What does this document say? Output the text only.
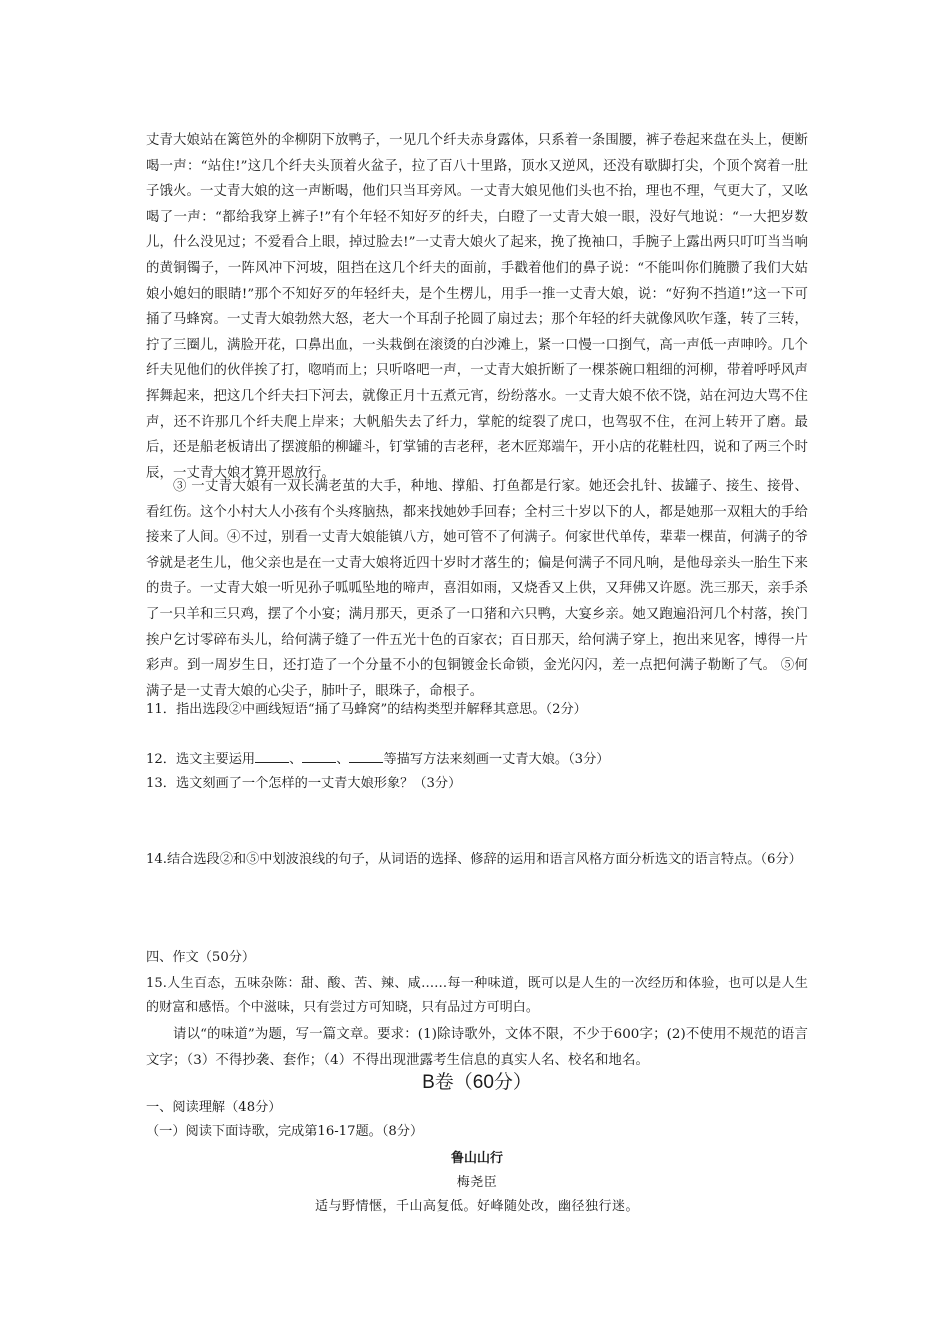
丈青大娘站在篱笆外的伞柳阴下放鸭子，一见几个纤夫赤身露体，只系着一条围腰，裤子卷起来盘在头上，便断喝一声：“站住!”这几个纤夫头顶着火盆子，拉了百八十里路，顶水又逆风，还没有歇脚打尖，个顶个窝着一肚子饿火。一丈青大娘的这一声断喝，他们只当耳旁风。一丈青大娘见他们头也不抬，理也不理，气更大了，又吆喝了一声：“都给我穿上裤子!”有个年轻不知好歹的纤夫，白瞪了一丈青大娘一眼，没好气地说：“一大把岁数儿，什么没见过；不爱看合上眼，掉过脸去!”一丈青大娘火了起来，挽了挽袖口，手腕子上露出两只叮叮当当响的黄铜镯子，一阵风冲下河坡，阻挡在这几个纤夫的面前，手戳着他们的鼻子说：“不能叫你们腌臜了我们大姑娘小媳妇的眼睛!”那个不知好歹的年轻纤夫，是个生楞儿，用手一推一丈青大娘，说：“好狗不挡道!”这一下可捅了马蜂窝。一丈青大娘勃然大怒，老大一个耳刮子抡圆了扇过去；那个年轻的纤夫就像风吹乍蓬，转了三转，拧了三圈儿，满脸开花，口鼻出血，一头栽倒在滚烫的白沙滩上，紧一口慢一口捯气，高一声低一声呻吟。几个纤夫见他们的伙伴挨了打，唿哨而上；只听咯吧一声，一丈青大娘折断了一棵茶碗口粗细的河柳，带着呼呼风声挥舞起来，把这几个纤夫扫下河去，就像正月十五煮元宵，纷纷落水。一丈青大娘不依不饶，站在河边大骂不住声，还不许那几个纤夫爬上岸来；大帆船失去了纤力，掌舵的绽裂了虎口，也驾驭不住，在河上转开了磨。最后，还是船老板请出了摆渡船的柳罐斗，钉掌铺的吉老秤，老木匠郑端午，开小店的花鞋杜四，说和了两三个时辰，一丈青大娘才算开恩放行。

③ 一丈青大娘有一双长满老茧的大手，种地、撑船、打鱼都是行家。她还会扎针、拔罐子、接生、接骨、看红伤。这个小村大人小孩有个头疼脑热，都来找她妙手回春；全村三十岁以下的人，都是她那一双粗大的手给接来了人间。④不过，别看一丈青大娘能镇八方，她可管不了何满子。何家世代单传，辈辈一棵苗，何满子的爷爷就是老生儿，他父亲也是在一丈青大娘将近四十岁时才落生的；偏是何满子不同凡响，是他母亲头一胎生下来的贵子。一丈青大娘一听见孙子呱呱坠地的啼声，喜泪如雨，又烧香又上供，又拜佛又许愿。洗三那天，亲手杀了一只羊和三只鸡，摆了个小宴；满月那天，更杀了一口猪和六只鸭，大宴乡亲。她又跑遍沿河几个村落，挨门挨户乞讨零碎布头儿，给何满子缝了一件五光十色的百家衣；百日那天，给何满子穿上，抱出来见客，博得一片彩声。到一周岁生日，还打造了一个分量不小的包铜镀金长命锁，金光闪闪，差一点把何满子勒断了气。 ⑤何满子是一丈青大娘的心尖子，肺叶子，眼珠子，命根子。

11．指出选段②中画线短语“捅了马蜂窝”的结构类型并解释其意思。（2分）

12．选文主要运用	、	、	等描写方法来刻画一丈青大娘。（3分）

13．选文刻画了一个怎样的一丈青大娘形象？（3分）

14.结合选段②和⑤中划波浪线的句子，从词语的选择、修辞的运用和语言风格方面分析选文的语言特点。（6分）

四、作文（50分）

15.人生百态，五味杂陈：甜、酸、苦、辣、咸……每一种味道，既可以是人生的一次经历和体验，也可以是人生的财富和感悟。个中滋味，只有尝过方可知晓，只有品过方可明白。

请以“的味道”为题，写一篇文章。要求：(1)除诗歌外，文体不限，不少于600字；(2)不使用不规范的语言文字；（3）不得抄袭、套作；（4）不得出现泄露考生信息的真实人名、校名和地名。

B卷（60分）

一、阅读理解（48分）

（一）阅读下面诗歌，完成第16-17题。（8分）

鲁山山行

梅尧臣

适与野情惬，千山高复低。好峰随处改，幽径独行迷。
